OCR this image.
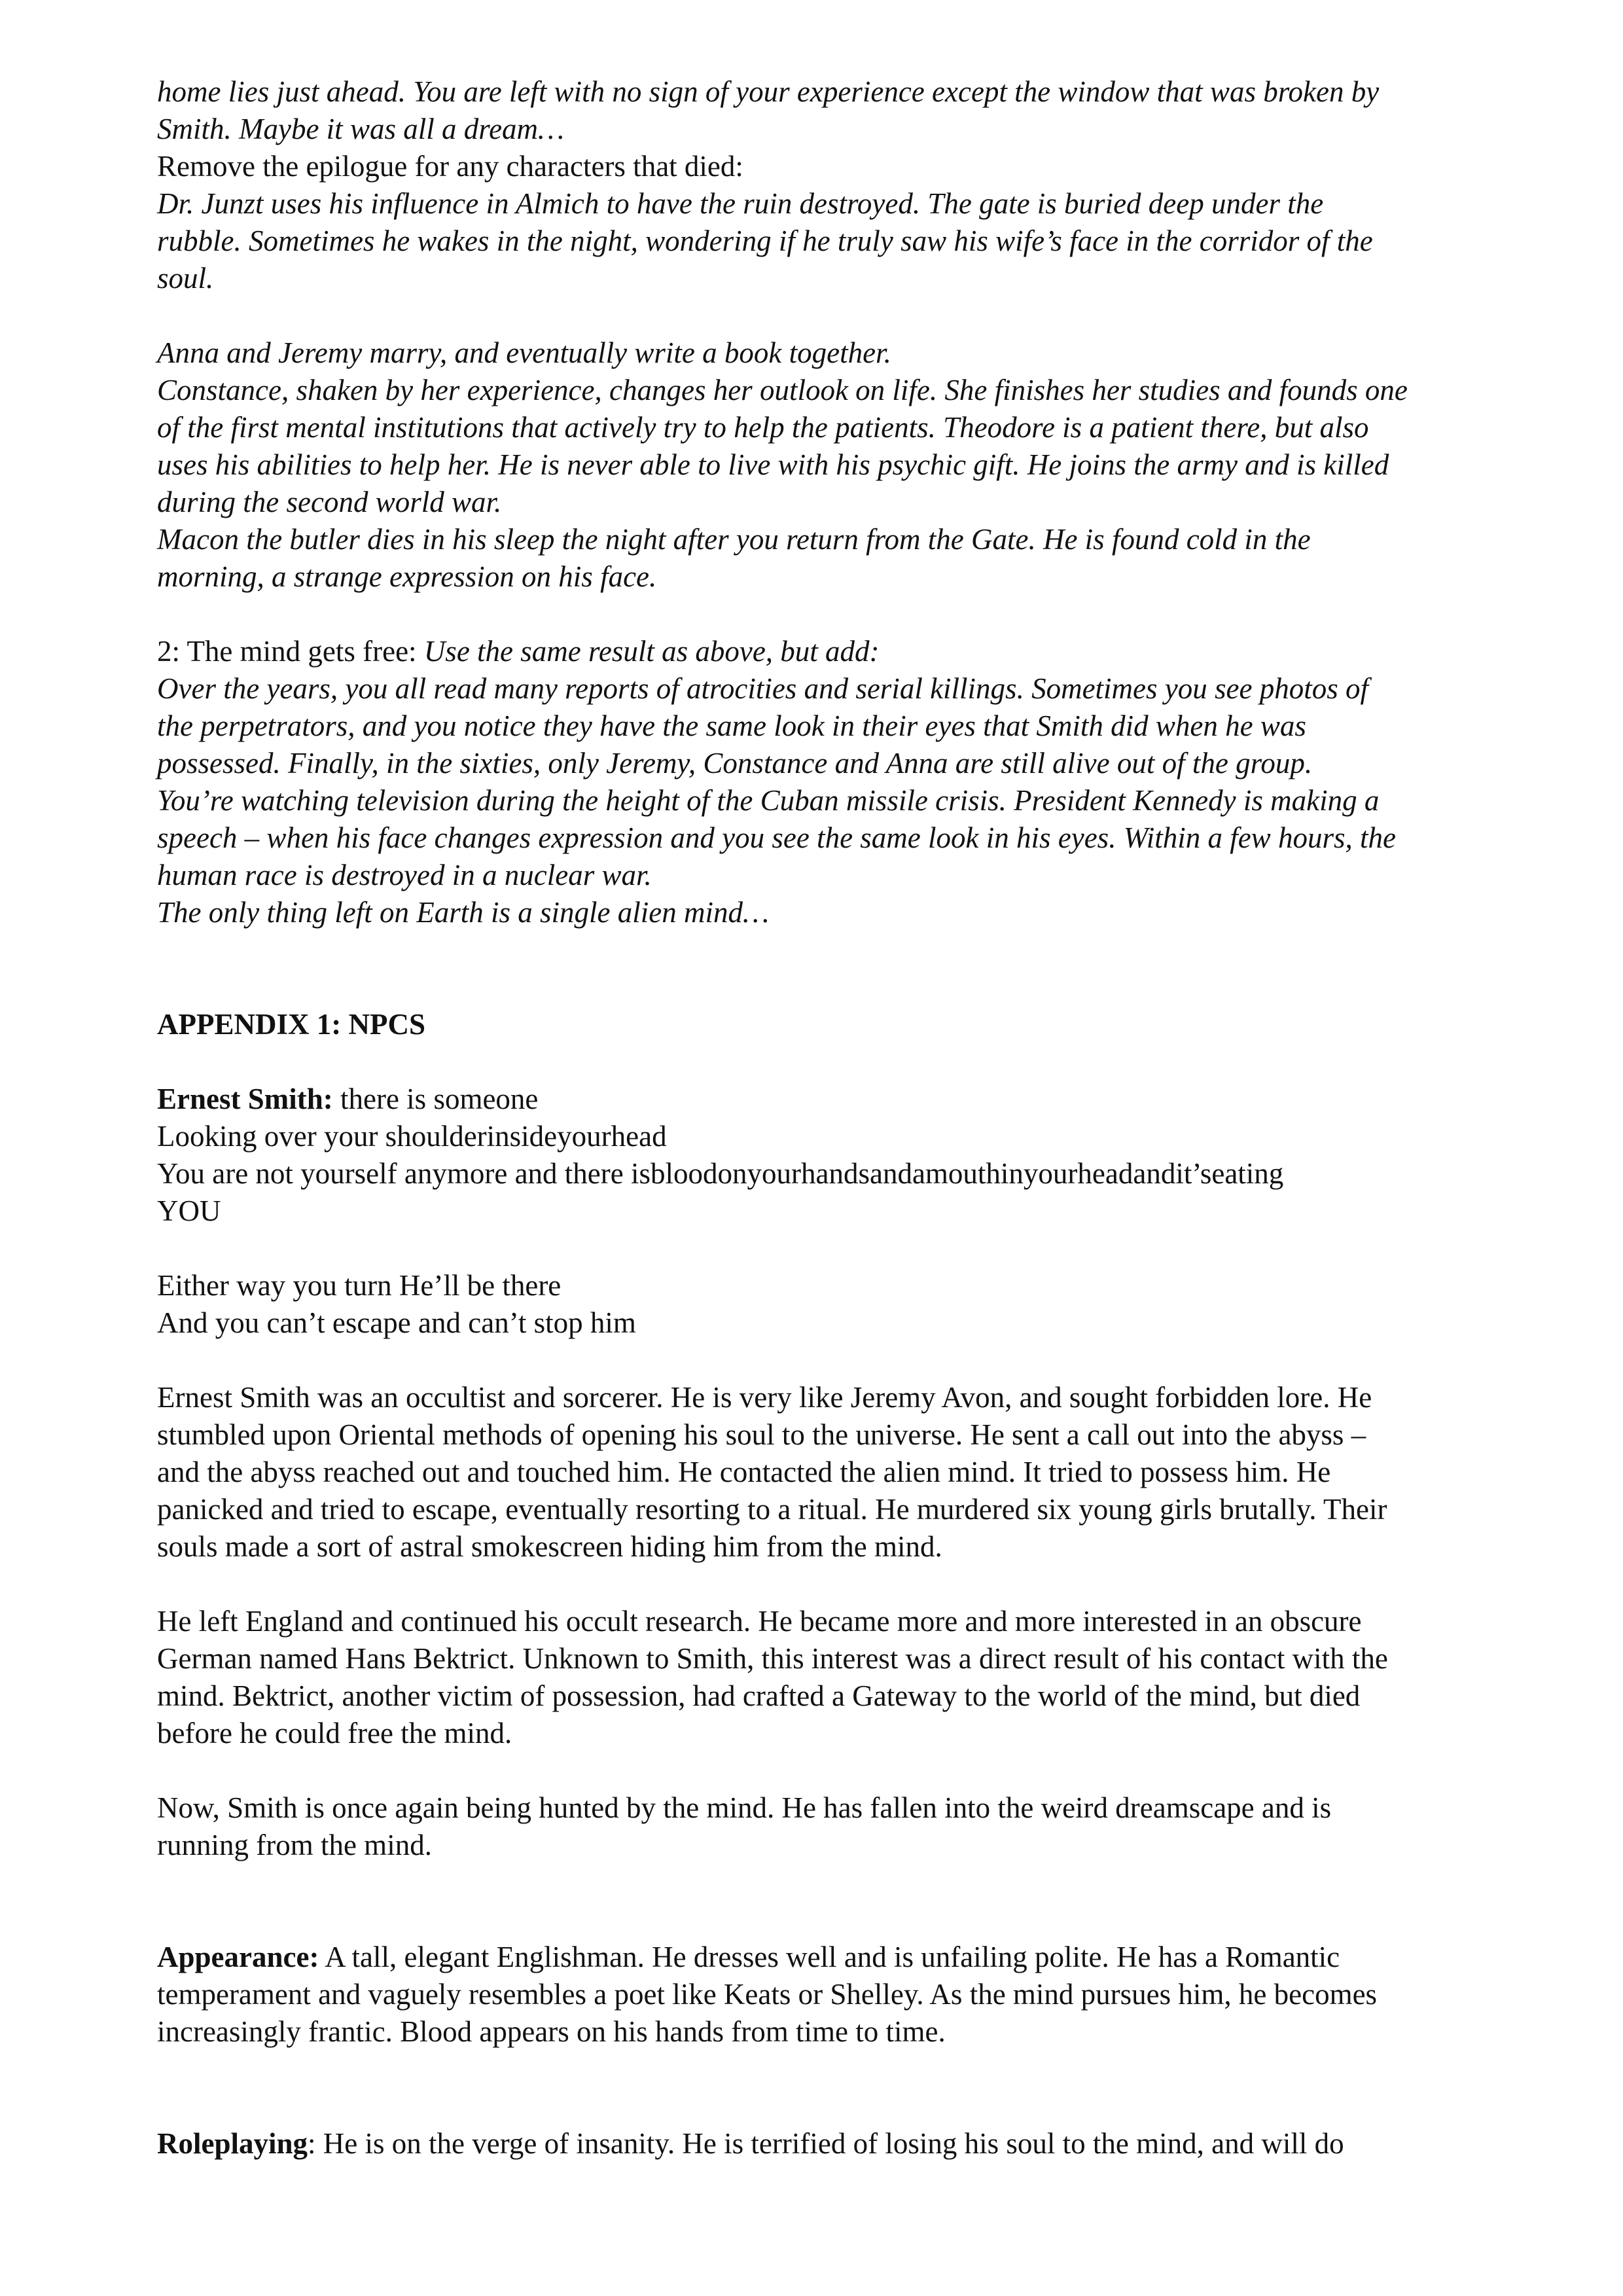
home lies just ahead. You are left with no sign of your experience except the window that was broken by
Smith. Maybe it was all a dream…
Remove the epilogue for any characters that died:
Dr. Junzt uses his influence in Almich to have the ruin destroyed. The gate is buried deep under the
rubble. Sometimes he wakes in the night, wondering if he truly saw his wife’s face in the corridor of the
soul.
Anna and Jeremy marry, and eventually write a book together.
Constance, shaken by her experience, changes her outlook on life. She finishes her studies and founds one
of the first mental institutions that actively try to help the patients. Theodore is a patient there, but also
uses his abilities to help her. He is never able to live with his psychic gift. He joins the army and is killed
during the second world war.
Macon the butler dies in his sleep the night after you return from the Gate. He is found cold in the
morning, a strange expression on his face.
2: The mind gets free: Use the same result as above, but add:
Over the years, you all read many reports of atrocities and serial killings. Sometimes you see photos of
the perpetrators, and you notice they have the same look in their eyes that Smith did when he was
possessed. Finally, in the sixties, only Jeremy, Constance and Anna are still alive out of the group.
You’re watching television during the height of the Cuban missile crisis. President Kennedy is making a
speech – when his face changes expression and you see the same look in his eyes. Within a few hours, the
human race is destroyed in a nuclear war.
The only thing left on Earth is a single alien mind…
APPENDIX 1: NPCS
Ernest Smith: there is someone
Looking over your shoulderinsideyourhead
You are not yourself anymore and there isbloodonyourhandsandamouthinyourheadandit’seating
YOU
Either way you turn He’ll be there
And you can’t escape and can’t stop him
Ernest Smith was an occultist and sorcerer. He is very like Jeremy Avon, and sought forbidden lore. He
stumbled upon Oriental methods of opening his soul to the universe. He sent a call out into the abyss –
and the abyss reached out and touched him. He contacted the alien mind. It tried to possess him. He
panicked and tried to escape, eventually resorting to a ritual. He murdered six young girls brutally. Their
souls made a sort of astral smokescreen hiding him from the mind.
He left England and continued his occult research. He became more and more interested in an obscure
German named Hans Bektrict. Unknown to Smith, this interest was a direct result of his contact with the
mind. Bektrict, another victim of possession, had crafted a Gateway to the world of the mind, but died
before he could free the mind.
Now, Smith is once again being hunted by the mind. He has fallen into the weird dreamscape and is
running from the mind.
Appearance: A tall, elegant Englishman. He dresses well and is unfailing polite. He has a Romantic
temperament and vaguely resembles a poet like Keats or Shelley. As the mind pursues him, he becomes
increasingly frantic. Blood appears on his hands from time to time.
Roleplaying: He is on the verge of insanity. He is terrified of losing his soul to the mind, and will do
